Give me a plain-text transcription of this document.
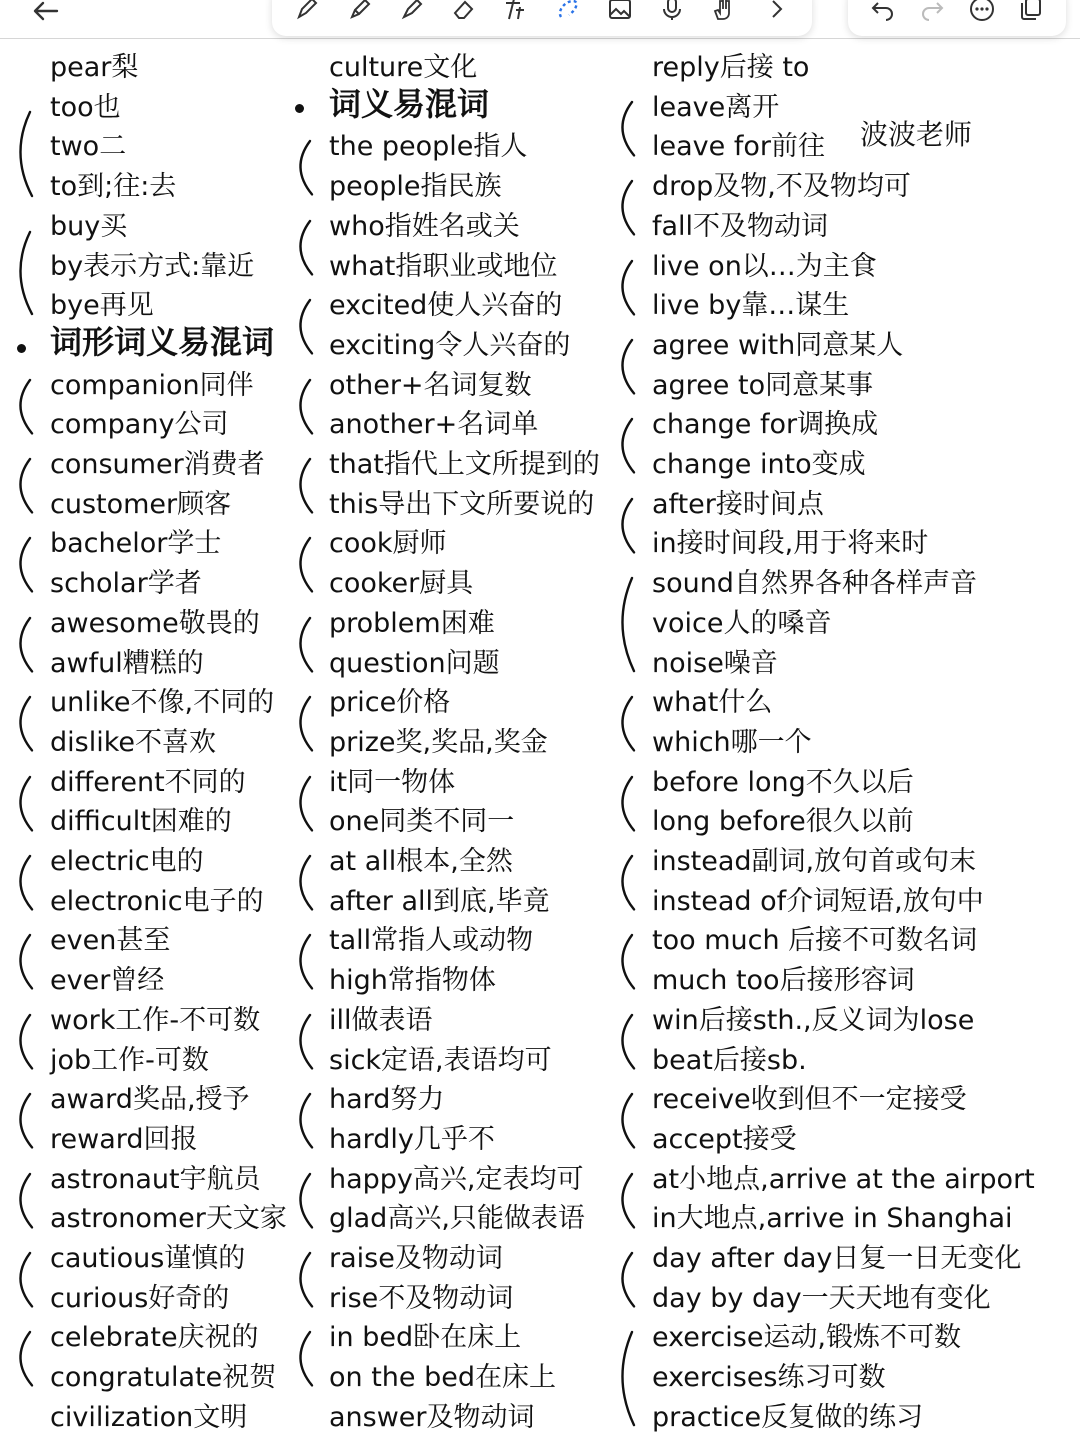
波波老师
pear梨
too也
two二
to到;往:去
buy买
by表示方式:靠近
bye再见
词形词义易混词
companion同伴
company公司
consumer消费者
customer顾客
bachelor学士
scholar学者
awesome敬畏的
awful糟糕的
unlike不像,不同的
dislike不喜欢
different不同的
difficult困难的
electric电的
electronic电子的
even甚至
ever曾经
work工作-不可数
job工作-可数
award奖品,授予
reward回报
astronaut宇航员
astronomer天文家
cautious谨慎的
curious好奇的
celebrate庆祝的
congratulate祝贺
civilization文明
culture文化
词义易混词
the people指人
people指民族
who指姓名或关
what指职业或地位
excited使人兴奋的
exciting令人兴奋的
other+名词复数
another+名词单
that指代上文所提到的
this导出下文所要说的
cook厨师
cooker厨具
problem困难
question问题
price价格
prize奖,奖品,奖金
it同一物体
one同类不同一
at all根本,全然
after all到底,毕竟
tall常指人或动物
high常指物体
ill做表语
sick定语,表语均可
hard努力
hardly几乎不
happy高兴,定表均可
glad高兴,只能做表语
raise及物动词
rise不及物动词
in bed卧在床上
on the bed在床上
answer及物动词
reply后接 to
leave离开
leave for前往
drop及物,不及物均可
fall不及物动词
live on以…为主食
live by靠…谋生
agree with同意某人
agree to同意某事
change for调换成
change into变成
after接时间点
in接时间段,用于将来时
sound自然界各种各样声音
voice人的嗓音
noise噪音
what什么
which哪一个
before long不久以后
long before很久以前
instead副词,放句首或句末
instead of介词短语,放句中
too much 后接不可数名词
much too后接形容词
win后接sth.,反义词为lose
beat后接sb.
receive收到但不一定接受
accept接受
at小地点,arrive at the airport
in大地点,arrive in Shanghai
day after day日复一日无变化
day by day一天天地有变化
exercise运动,锻炼不可数
exercises练习可数
practice反复做的练习
